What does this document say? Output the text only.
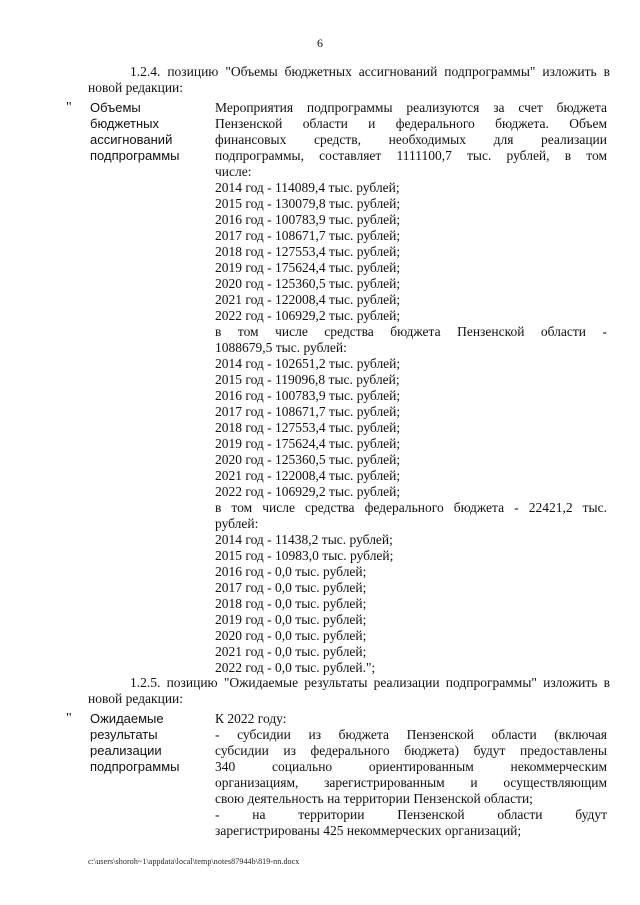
6
1.2.4. позицию "Объемы бюджетных ассигнований подпрограммы" изложить в новой редакции:
" Объемы
бюджетных
ассигнований
подпрограммы
Мероприятия подпрограммы реализуются за счет бюджета
Пензенской области и федерального бюджета. Объем
финансовых средств, необходимых для реализации
подпрограммы, составляет 1111100,7 тыс. рублей, в том
числе:
2014 год - 114089,4 тыс. рублей;
2015 год - 130079,8 тыс. рублей;
2016 год - 100783,9 тыс. рублей;
2017 год - 108671,7 тыс. рублей;
2018 год - 127553,4 тыс. рублей;
2019 год - 175624,4 тыс. рублей;
2020 год - 125360,5 тыс. рублей;
2021 год - 122008,4 тыс. рублей;
2022 год - 106929,2 тыс. рублей;
в том числе средства бюджета Пензенской области -
1088679,5 тыс. рублей:
2014 год - 102651,2 тыс. рублей;
2015 год - 119096,8 тыс. рублей;
2016 год - 100783,9 тыс. рублей;
2017 год - 108671,7 тыс. рублей;
2018 год - 127553,4 тыс. рублей;
2019 год - 175624,4 тыс. рублей;
2020 год - 125360,5 тыс. рублей;
2021 год - 122008,4 тыс. рублей;
2022 год - 106929,2 тыс. рублей;
в том числе средства федерального бюджета - 22421,2 тыс.
рублей:
2014 год - 11438,2 тыс. рублей;
2015 год - 10983,0 тыс. рублей;
2016 год - 0,0 тыс. рублей;
2017 год - 0,0 тыс. рублей;
2018 год - 0,0 тыс. рублей;
2019 год - 0,0 тыс. рублей;
2020 год - 0,0 тыс. рублей;
2021 год - 0,0 тыс. рублей;
2022 год - 0,0 тыс. рублей.";
1.2.5. позицию "Ожидаемые результаты реализации подпрограммы" изложить в новой редакции:
" Ожидаемые
результаты
реализации
подпрограммы
К 2022 году:
- субсидии из бюджета Пензенской области (включая
субсидии из федерального бюджета) будут предоставлены
340 социально ориентированным некоммерческим
организациям, зарегистрированным и осуществляющим
свою деятельность на территории Пензенской области;
- на территории Пензенской области будут
зарегистрированы 425 некоммерческих организаций;
c:\users\shoroh~1\appdata\local\temp\notes87944b\819-nn.docx
